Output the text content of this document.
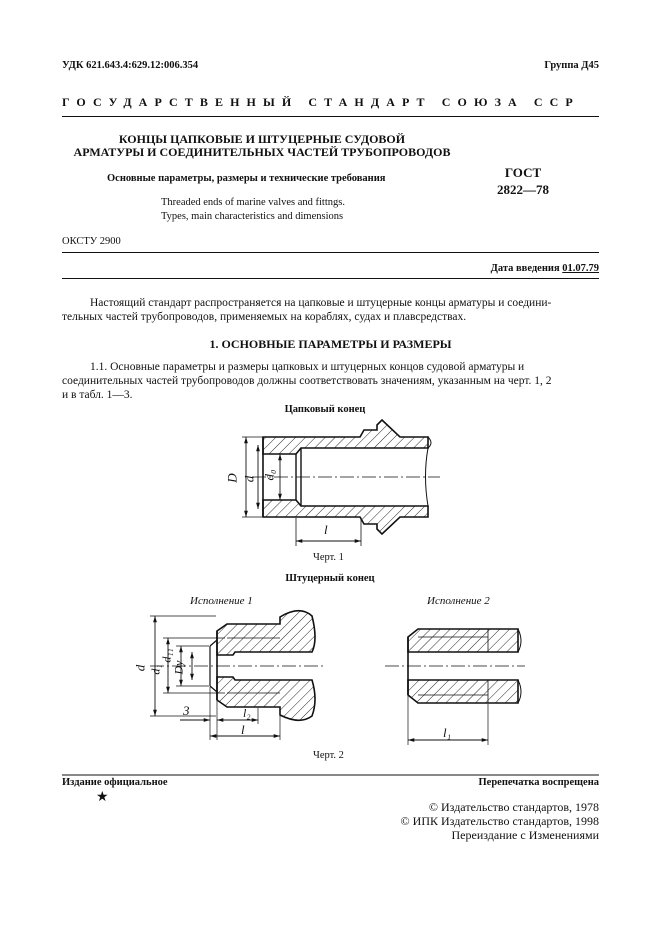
УДК 621.643.4:629.12:006.354	Группа Д45
ГОСУДАРСТВЕННЫЙ СТАНДАРТ СОЮЗА ССР
КОНЦЫ ЦАПКОВЫЕ И ШТУЦЕРНЫЕ СУДОВОЙ
АРМАТУРЫ И СОЕДИНИТЕЛЬНЫХ ЧАСТЕЙ ТРУБОПРОВОДОВ
Основные параметры, размеры и технические требования
Threaded ends of marine valves and fittngs.
Types, main characteristics and dimensions
ГОСТ
2822—78
ОКСТУ 2900
Дата введения 01.07.79
Настоящий стандарт распространяется на цапковые и штуцерные концы арматуры и соедини-
тельных частей трубопроводов, применяемых на кораблях, судах и плавсредствах.
1. ОСНОВНЫЕ ПАРАМЕТРЫ И РАЗМЕРЫ
1.1. Основные параметры и размеры цапковых и штуцерных концов судовой арматуры и
соединительных частей трубопроводов должны соответствовать значениям, указанным на черт. 1, 2
и в табл. 1—3.
Цапковый конец
D d d₀
l
Черт. 1
Штуцерный конец
Исполнение 1	Исполнение 2
d d₁
d₁₁
Dy
3	l₂
l	l₁
Черт. 2
Издание официальное
★
Перепечатка воспрещена
© Издательство стандартов, 1978
© ИПК Издательство стандартов, 1998
Переиздание с Изменениями
